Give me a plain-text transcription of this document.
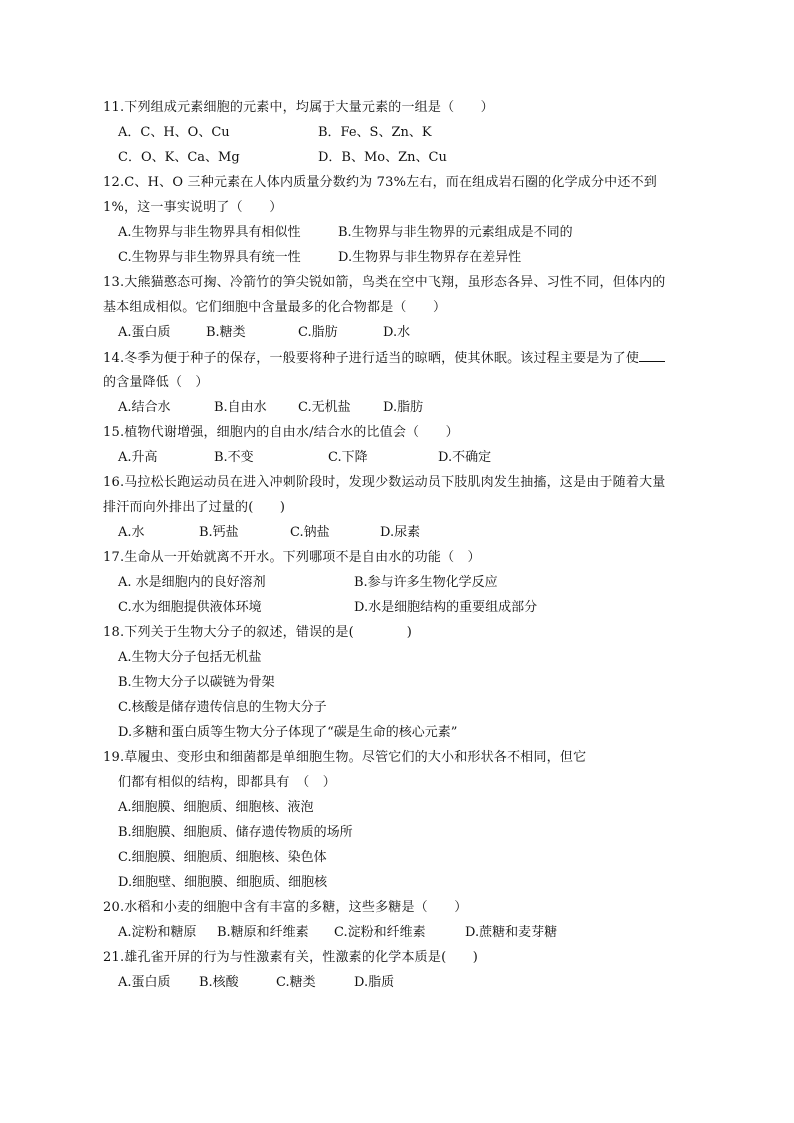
11.下列组成元素细胞的元素中，均属于大量元素的一组是（　　）
A．C、H、O、Cu	B．Fe、S、Zn、K
C．O、K、Ca、Mg	D．B、Mo、Zn、Cu
12.C、H、O 三种元素在人体内质量分数约为 73%左右，而在组成岩石圈的化学成分中还不到
1%，这一事实说明了（　　）
A.生物界与非生物界具有相似性	B.生物界与非生物界的元素组成是不同的
C.生物界与非生物界具有统一性	D.生物界与非生物界存在差异性
13.大熊猫憨态可掬、冷箭竹的笋尖锐如箭，鸟类在空中飞翔，虽形态各异、习性不同，但体内的
基本组成相似。它们细胞中含量最多的化合物都是（　　）
A.蛋白质	B.糖类	C.脂肪	D.水
14.冬季为便于种子的保存，一般要将种子进行适当的晾晒，使其休眠。该过程主要是为了使
的含量降低（　）
A.结合水	B.自由水 C.无机盐 D.脂肪
15.植物代谢增强，细胞内的自由水/结合水的比值会（　　）
A.升高	B.不变	C.下降	D.不确定
16.马拉松长跑运动员在进入冲刺阶段时，发现少数运动员下肢肌肉发生抽搐，这是由于随着大量
排汗而向外排出了过量的(　　)
A.水	B.钙盐	C.钠盐	D.尿素
17.生命从一开始就离不开水。下列哪项不是自由水的功能（　）
A. 水是细胞内的良好溶剂	B.参与许多生物化学反应
C.水为细胞提供液体环境	D.水是细胞结构的重要组成部分
18.下列关于生物大分子的叙述，错误的是(　　　　)
A.生物大分子包括无机盐
B.生物大分子以碳链为骨架
C.核酸是储存遗传信息的生物大分子
D.多糖和蛋白质等生物大分子体现了“碳是生命的核心元素”
19.草履虫、变形虫和细菌都是单细胞生物。尽管它们的大小和形状各不相同，但它
们都有相似的结构，即都具有　（　）
A.细胞膜、细胞质、细胞核、液泡
B.细胞膜、细胞质、储存遗传物质的场所
C.细胞膜、细胞质、细胞核、染色体
D.细胞壁、细胞膜、细胞质、细胞核
20.水稻和小麦的细胞中含有丰富的多糖，这些多糖是（　　）
A.淀粉和糖原 B.糖原和纤维素 C.淀粉和纤维素	D.蔗糖和麦芽糖
21.雄孔雀开屏的行为与性激素有关，性激素的化学本质是(　　)
A.蛋白质 B.核酸	C.糖类	D.脂质
